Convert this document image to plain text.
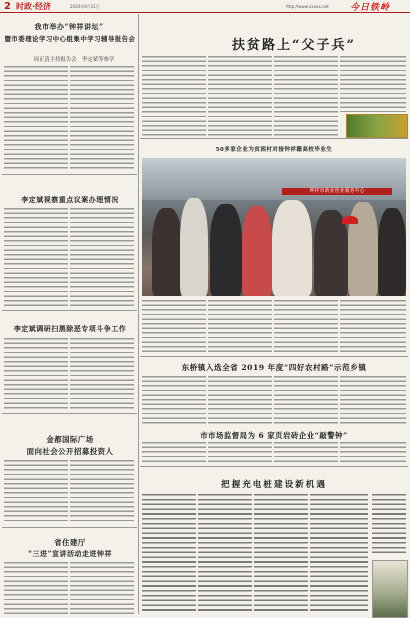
2 时政·经济	2020年9月21日	http://www.xxxxx.net 今日铁岭
我市举办“钟祥讲坛”
暨市委理论学习中心组集中学习辅导报告会
周正清主持报告会　李定斌等参学
扶贫路上“父子兵”
50多家企业为贫困村对接钟祥籍高校毕业生
钟祥市就业创业服务中心
李定斌视察重点议案办理情况
李定斌调研扫黑除恶专项斗争工作
金都国际广场
面向社会公开招募投资人
省住建厅
“三进”宣讲活动走进钟祥
东桥镇入选全省 2019 年度“四好农村路”示范乡镇
市市场监督局为 6 家页岩砖企业“敲警钟”
把握充电桩建设新机遇
